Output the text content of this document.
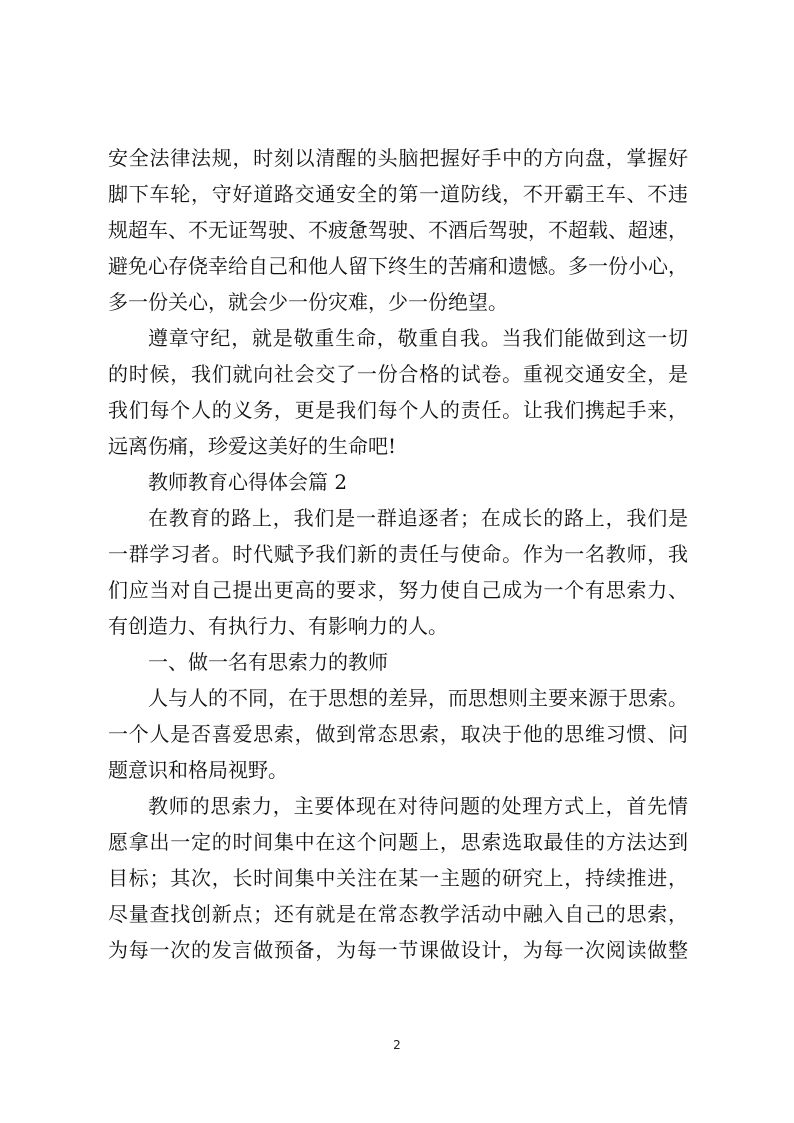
安全法律法规，时刻以清醒的头脑把握好手中的方向盘，掌握好
脚下车轮，守好道路交通安全的第一道防线，不开霸王车、不违
规超车、不无证驾驶、不疲惫驾驶、不酒后驾驶，不超载、超速，
避免心存侥幸给自己和他人留下终生的苦痛和遗憾。多一份小心，
多一份关心，就会少一份灾难，少一份绝望。
遵章守纪，就是敬重生命，敬重自我。当我们能做到这一切
的时候，我们就向社会交了一份合格的试卷。重视交通安全，是
我们每个人的义务，更是我们每个人的责任。让我们携起手来，
远离伤痛，珍爱这美好的生命吧!
教师教育心得体会篇 2
在教育的路上，我们是一群追逐者；在成长的路上，我们是
一群学习者。时代赋予我们新的责任与使命。作为一名教师，我
们应当对自己提出更高的要求，努力使自己成为一个有思索力、
有创造力、有执行力、有影响力的人。
一、做一名有思索力的教师
人与人的不同，在于思想的差异，而思想则主要来源于思索。
一个人是否喜爱思索，做到常态思索，取决于他的思维习惯、问
题意识和格局视野。
教师的思索力，主要体现在对待问题的处理方式上，首先情
愿拿出一定的时间集中在这个问题上，思索选取最佳的方法达到
目标；其次，长时间集中关注在某一主题的研究上，持续推进，
尽量查找创新点；还有就是在常态教学活动中融入自己的思索，
为每一次的发言做预备，为每一节课做设计，为每一次阅读做整
2
